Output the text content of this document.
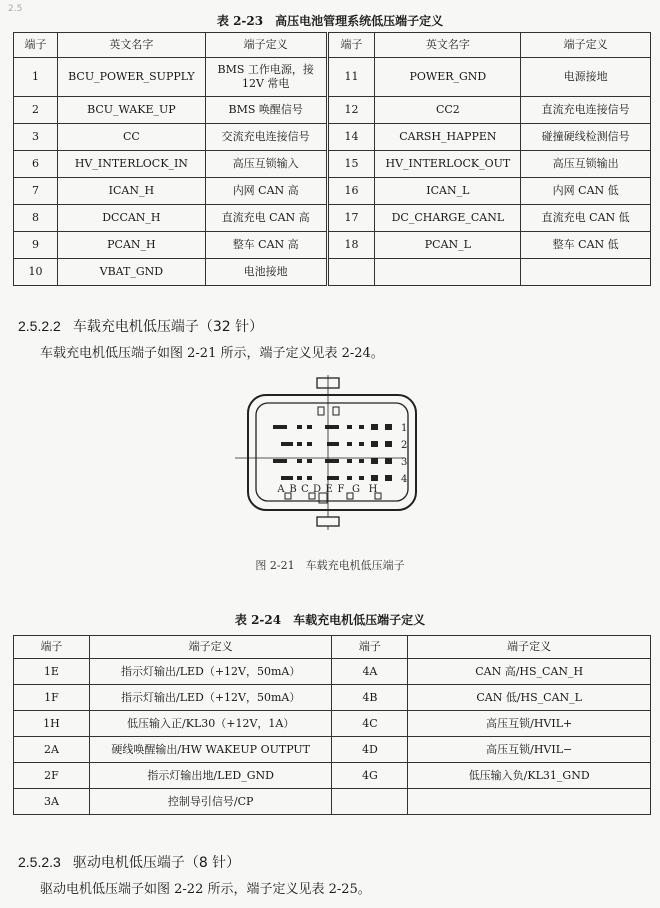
2.5
表 2-23　高压电池管理系统低压端子定义
端子	英文名字	端子定义	端子	英文名字	端子定义
1	BCU_POWER_SUPPLY	BMS 工作电源，接 12V 常电	11	POWER_GND	电源接地
2	BCU_WAKE_UP	BMS 唤醒信号	12	CC2	直流充电连接信号
3	CC	交流充电连接信号	14	CARSH_HAPPEN	碰撞硬线检测信号
6	HV_INTERLOCK_IN	高压互锁输入	15	HV_INTERLOCK_OUT	高压互锁输出
7	ICAN_H	内网 CAN 高	16	ICAN_L	内网 CAN 低
8	DCCAN_H	直流充电 CAN 高	17	DC_CHARGE_CANL	直流充电 CAN 低
9	PCAN_H	整车 CAN 高	18	PCAN_L	整车 CAN 低
10	VBAT_GND	电池接地			
2.5.2.2 车载充电机低压端子（32 针）
车载充电机低压端子如图 2-21 所示，端子定义见表 2-24。
1
2
3
4
A B C D E F G H
图 2-21　车载充电机低压端子
表 2-24　车载充电机低压端子定义
端子	端子定义	端子	端子定义
1E	指示灯输出/LED（+12V，50mA）	4A	CAN 高/HS_CAN_H
1F	指示灯输出/LED（+12V，50mA）	4B	CAN 低/HS_CAN_L
1H	低压输入正/KL30（+12V，1A）	4C	高压互锁/HVIL+
2A	硬线唤醒输出/HW WAKEUP OUTPUT	4D	高压互锁/HVIL−
2F	指示灯输出地/LED_GND	4G	低压输入负/KL31_GND
3A	控制导引信号/CP		
2.5.2.3 驱动电机低压端子（8 针）
驱动电机低压端子如图 2-22 所示，端子定义见表 2-25。
